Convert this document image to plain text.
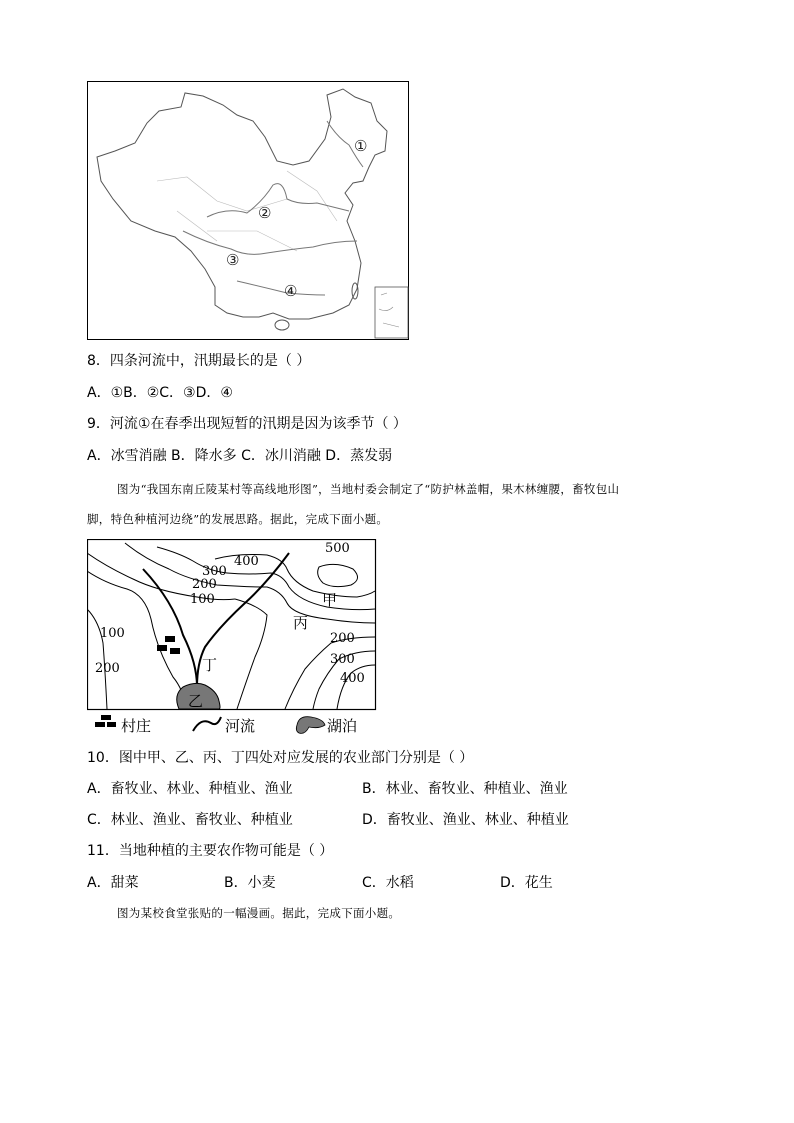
①
②
③
④
8．四条河流中，汛期最长的是（ ）
A．①B．②C．③D．④
9．河流①在春季出现短暂的汛期是因为该季节（ ）
A．冰雪消融 B．降水多 C．冰川消融 D．蒸发弱
图为“我国东南丘陵某村等高线地形图”，当地村委会制定了“防护林盖帽，果木林缠腰，畜牧包山
脚，特色种植河边绕”的发展思路。据此，完成下面小题。
500
400
300
200
100
100
200
200
300
400
甲
丙
丁
乙
村庄	河流	湖泊
10．图中甲、乙、丙、丁四处对应发展的农业部门分别是（ ）
A．畜牧业、林业、种植业、渔业	B．林业、畜牧业、种植业、渔业
C．林业、渔业、畜牧业、种植业	D．畜牧业、渔业、林业、种植业
11．当地种植的主要农作物可能是（ ）
A．甜菜	B．小麦	C．水稻	D．花生
图为某校食堂张贴的一幅漫画。据此，完成下面小题。
